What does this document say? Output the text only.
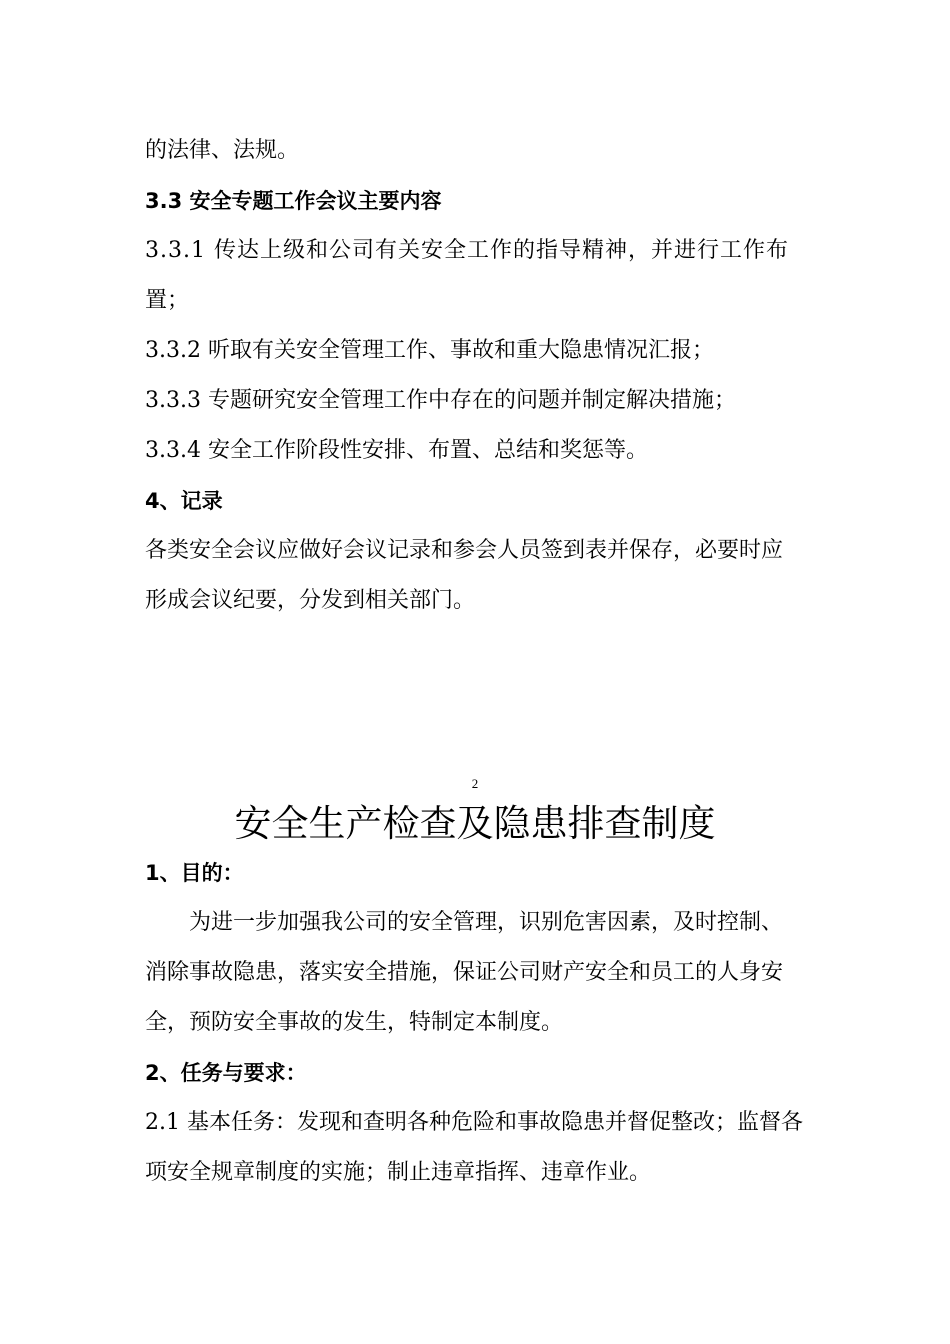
的法律、法规。
3.3 安全专题工作会议主要内容
3.3.1 传达上级和公司有关安全工作的指导精神，并进行工作布
置；
3.3.2 听取有关安全管理工作、事故和重大隐患情况汇报；
3.3.3 专题研究安全管理工作中存在的问题并制定解决措施；
3.3.4 安全工作阶段性安排、布置、总结和奖惩等。
4、记录
各类安全会议应做好会议记录和参会人员签到表并保存，必要时应
形成会议纪要，分发到相关部门。
2
安全生产检查及隐患排查制度
1、目的：
为进一步加强我公司的安全管理，识别危害因素，及时控制、
消除事故隐患，落实安全措施，保证公司财产安全和员工的人身安
全，预防安全事故的发生，特制定本制度。
2、任务与要求：
2.1 基本任务：发现和查明各种危险和事故隐患并督促整改；监督各
项安全规章制度的实施；制止违章指挥、违章作业。
